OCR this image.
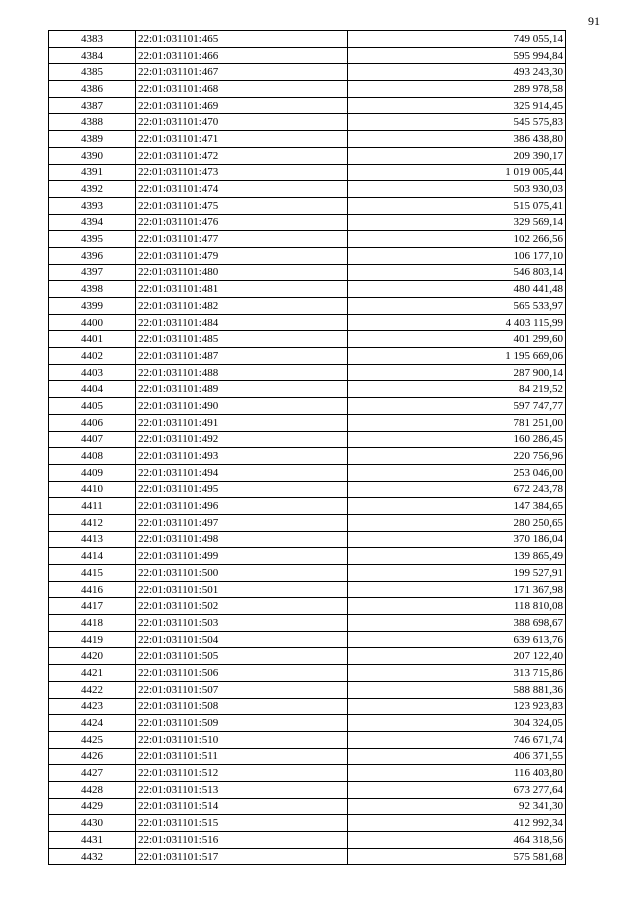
91
4383	22:01:031101:465	749 055,14
4384	22:01:031101:466	595 994,84
4385	22:01:031101:467	493 243,30
4386	22:01:031101:468	289 978,58
4387	22:01:031101:469	325 914,45
4388	22:01:031101:470	545 575,83
4389	22:01:031101:471	386 438,80
4390	22:01:031101:472	209 390,17
4391	22:01:031101:473	1 019 005,44
4392	22:01:031101:474	503 930,03
4393	22:01:031101:475	515 075,41
4394	22:01:031101:476	329 569,14
4395	22:01:031101:477	102 266,56
4396	22:01:031101:479	106 177,10
4397	22:01:031101:480	546 803,14
4398	22:01:031101:481	480 441,48
4399	22:01:031101:482	565 533,97
4400	22:01:031101:484	4 403 115,99
4401	22:01:031101:485	401 299,60
4402	22:01:031101:487	1 195 669,06
4403	22:01:031101:488	287 900,14
4404	22:01:031101:489	84 219,52
4405	22:01:031101:490	597 747,77
4406	22:01:031101:491	781 251,00
4407	22:01:031101:492	160 286,45
4408	22:01:031101:493	220 756,96
4409	22:01:031101:494	253 046,00
4410	22:01:031101:495	672 243,78
4411	22:01:031101:496	147 384,65
4412	22:01:031101:497	280 250,65
4413	22:01:031101:498	370 186,04
4414	22:01:031101:499	139 865,49
4415	22:01:031101:500	199 527,91
4416	22:01:031101:501	171 367,98
4417	22:01:031101:502	118 810,08
4418	22:01:031101:503	388 698,67
4419	22:01:031101:504	639 613,76
4420	22:01:031101:505	207 122,40
4421	22:01:031101:506	313 715,86
4422	22:01:031101:507	588 881,36
4423	22:01:031101:508	123 923,83
4424	22:01:031101:509	304 324,05
4425	22:01:031101:510	746 671,74
4426	22:01:031101:511	406 371,55
4427	22:01:031101:512	116 403,80
4428	22:01:031101:513	673 277,64
4429	22:01:031101:514	92 341,30
4430	22:01:031101:515	412 992,34
4431	22:01:031101:516	464 318,56
4432	22:01:031101:517	575 581,68
